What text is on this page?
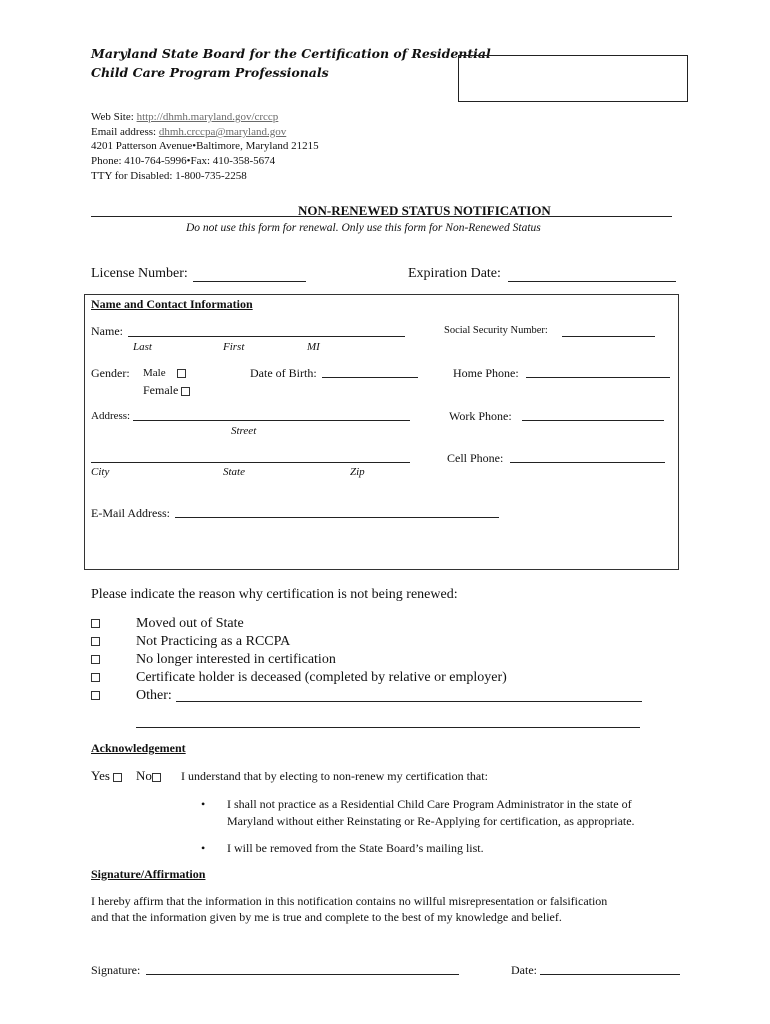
Maryland State Board for the Certification of Residential
Child Care Program Professionals
Web Site: http://dhmh.maryland.gov/crccp
Email address: dhmh.crccpa@maryland.gov
4201 Patterson Avenue•Baltimore, Maryland 21215
Phone: 410-764-5996•Fax: 410-358-5674
TTY for Disabled: 1-800-735-2258
NON-RENEWED STATUS NOTIFICATION
Do not use this form for renewal. Only use this form for Non-Renewed Status
License Number:	Expiration Date:
Name and Contact Information
Name:
Last	First	MI
Social Security Number:
Gender: Male
Female
Date of Birth:	Home Phone:
Address:
Street
Work Phone:
City	State	Zip
Cell Phone:
E-Mail Address:
Please indicate the reason why certification is not being renewed:
Moved out of State
Not Practicing as a RCCPA
No longer interested in certification
Certificate holder is deceased (completed by relative or employer)
Other:
Acknowledgement
Yes	No	I understand that by electing to non-renew my certification that:
• I shall not practice as a Residential Child Care Program Administrator in the state of
Maryland without either Reinstating or Re-Applying for certification, as appropriate.
• I will be removed from the State Board’s mailing list.
Signature/Affirmation
I hereby affirm that the information in this notification contains no willful misrepresentation or falsification
and that the information given by me is true and complete to the best of my knowledge and belief.
Signature:	Date:
